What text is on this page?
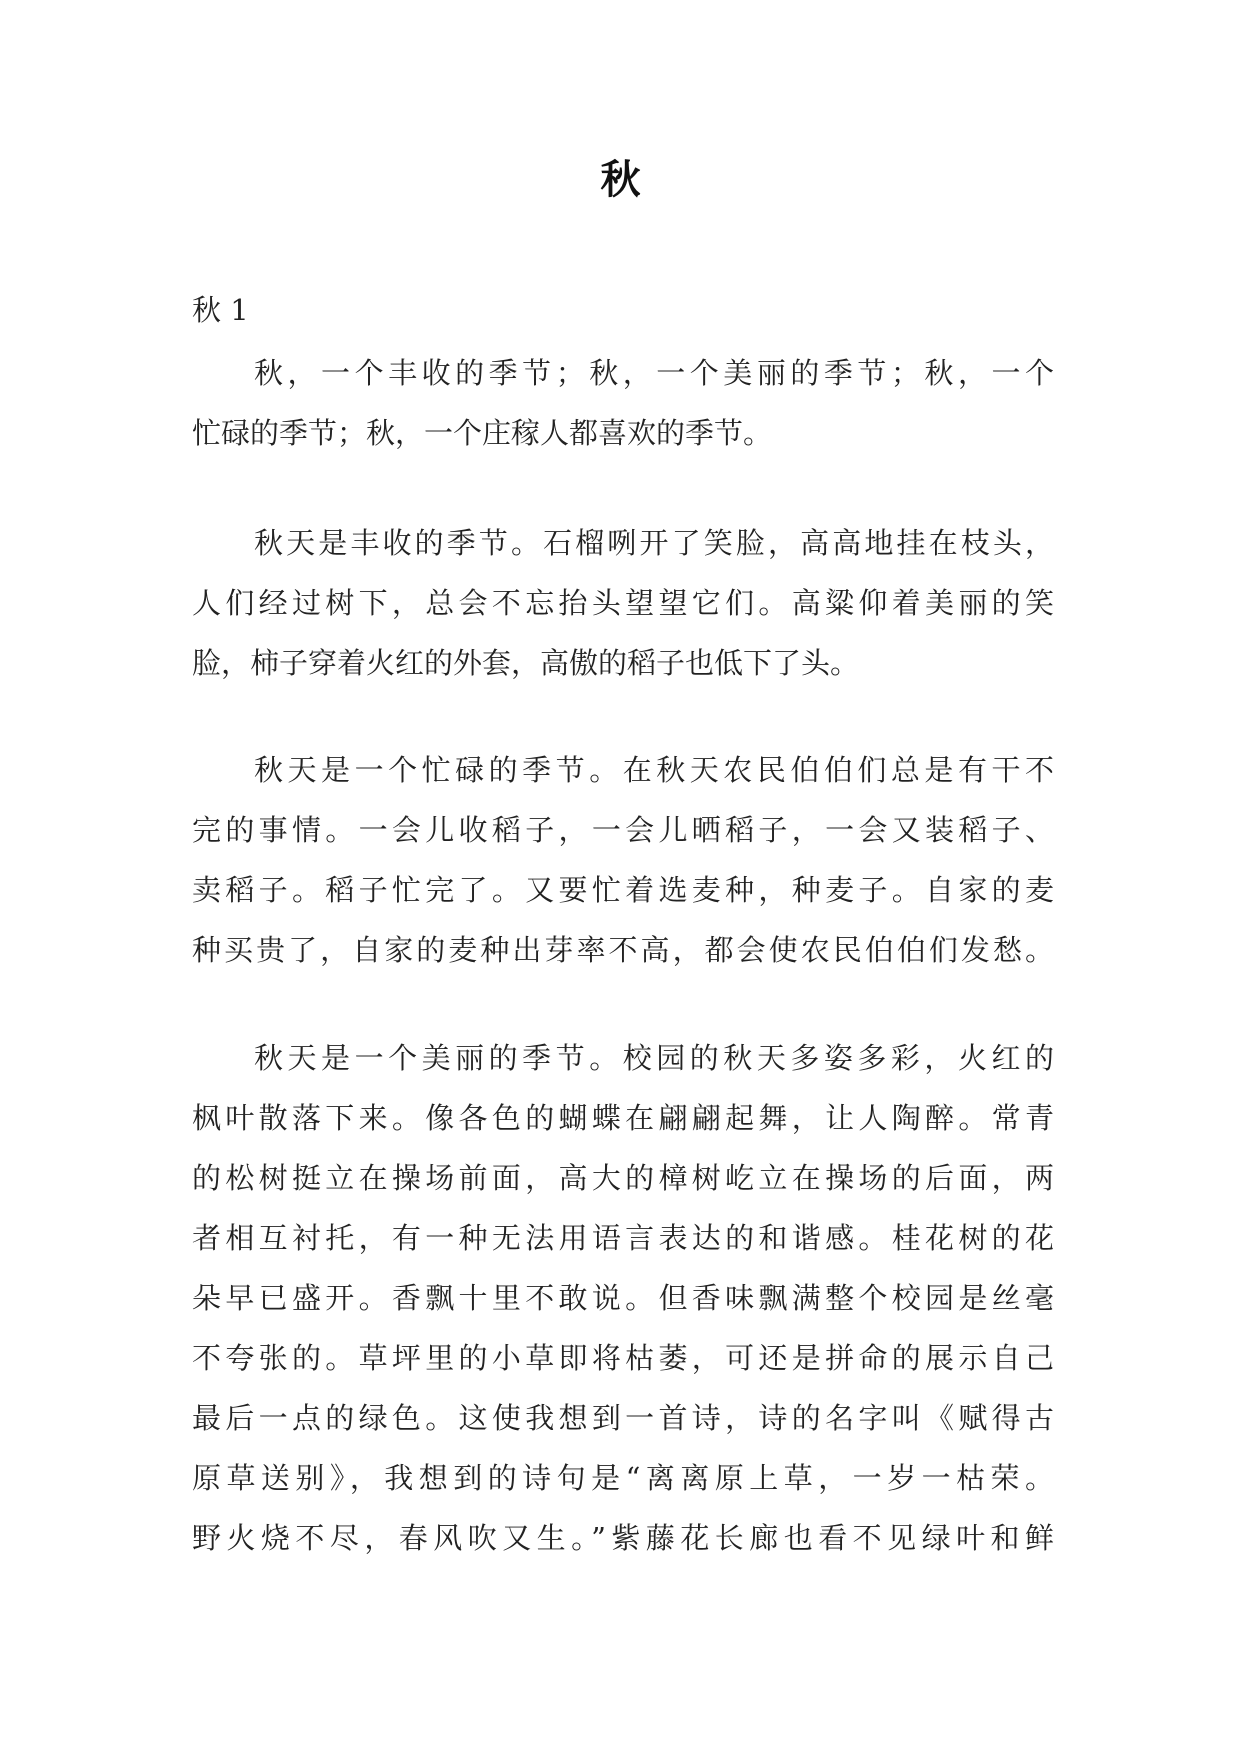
秋
秋 1
秋，一个丰收的季节；秋，一个美丽的季节；秋，一个
忙碌的季节；秋，一个庄稼人都喜欢的季节。
秋天是丰收的季节。石榴咧开了笑脸，高高地挂在枝头，
人们经过树下，总会不忘抬头望望它们。高粱仰着美丽的笑
脸，柿子穿着火红的外套，高傲的稻子也低下了头。
秋天是一个忙碌的季节。在秋天农民伯伯们总是有干不
完的事情。一会儿收稻子，一会儿晒稻子，一会又装稻子、
卖稻子。稻子忙完了。又要忙着选麦种，种麦子。自家的麦
种买贵了，自家的麦种出芽率不高，都会使农民伯伯们发愁。
秋天是一个美丽的季节。校园的秋天多姿多彩，火红的
枫叶散落下来。像各色的蝴蝶在翩翩起舞，让人陶醉。常青
的松树挺立在操场前面，高大的樟树屹立在操场的后面，两
者相互衬托，有一种无法用语言表达的和谐感。桂花树的花
朵早已盛开。香飘十里不敢说。但香味飘满整个校园是丝毫
不夸张的。草坪里的小草即将枯萎，可还是拼命的展示自己
最后一点的绿色。这使我想到一首诗，诗的名字叫《赋得古
原草送别》，我想到的诗句是“离离原上草，一岁一枯荣。
野火烧不尽，春风吹又生。”紫藤花长廊也看不见绿叶和鲜
